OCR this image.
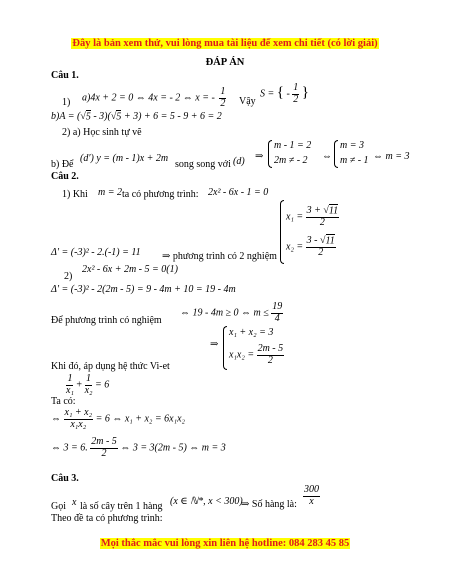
Đây là bản xem thử, vui lòng mua tài liệu để xem chi tiết (có lời giải)
ĐÁP ÁN
Câu 1.
a)4x + 2 = 0 ⇔ 4x = - 2 ⇔ x = - $\frac{1}{2}$
1)	Vậy
S = { - $\frac{1}{2}$ }
b)A = (√5 - 3)(√5 + 3) + 6 = 5 - 9 + 6 = 2
2) a) Học sinh tự vẽ
b) Để
(d′) y = (m - 1)x + 2m
song song với (d) ⇒
m - 1 = 2
2m ≠ - 2 ⇔
m = 3
m ≠ - 1 ⇔ m = 3
Câu 2.
1) Khi m = 2 ta có phương trình: 2x² - 6x - 1 = 0
$x_1 = \frac{3 + √11}{2}$
$x_2 = \frac{3 - √11}{2}$
Δ′ = (-3)² - 2.(-1) = 11 ⇒ phương trình có 2 nghiệm
2)
2x² - 6x + 2m - 5 = 0(1)
Δ′ = (-3)² - 2(2m - 5) = 9 - 4m + 10 = 19 - 4m
⇔ 19 - 4m ≥ 0 ⇔ $m \le \frac{19}{4}$
Để phương trình có nghiệm
⇒
x₁ + x₂ = 3
$x_1x_2 = \frac{2m - 5}{2}$
Khi đó, áp dụng hệ thức Vi-et
$\frac{1}{\text{x₁}} + \frac{1}{\text{x₂}} = 6$
Ta có:
⇔ $\frac{\text{x₁ + x₂}}{\text{x₁x₂}} = 6$ ⇔ x₁ + x₂ = 6x₁x₂
⇔ 3 = 6. $\frac{2m - 5}{2}$ ⇔ 3 = 3(2m - 5) ⇔ m = 3
Câu 3.
Gọi x là số cây trên 1 hàng (x ∈ ℕ*, x < 300)
⇒ Số hàng là: $\frac{300}{x}$
Theo đề ta có phương trình:
Mọi thắc mắc vui lòng xin liên hệ hotline: 084 283 45 85
